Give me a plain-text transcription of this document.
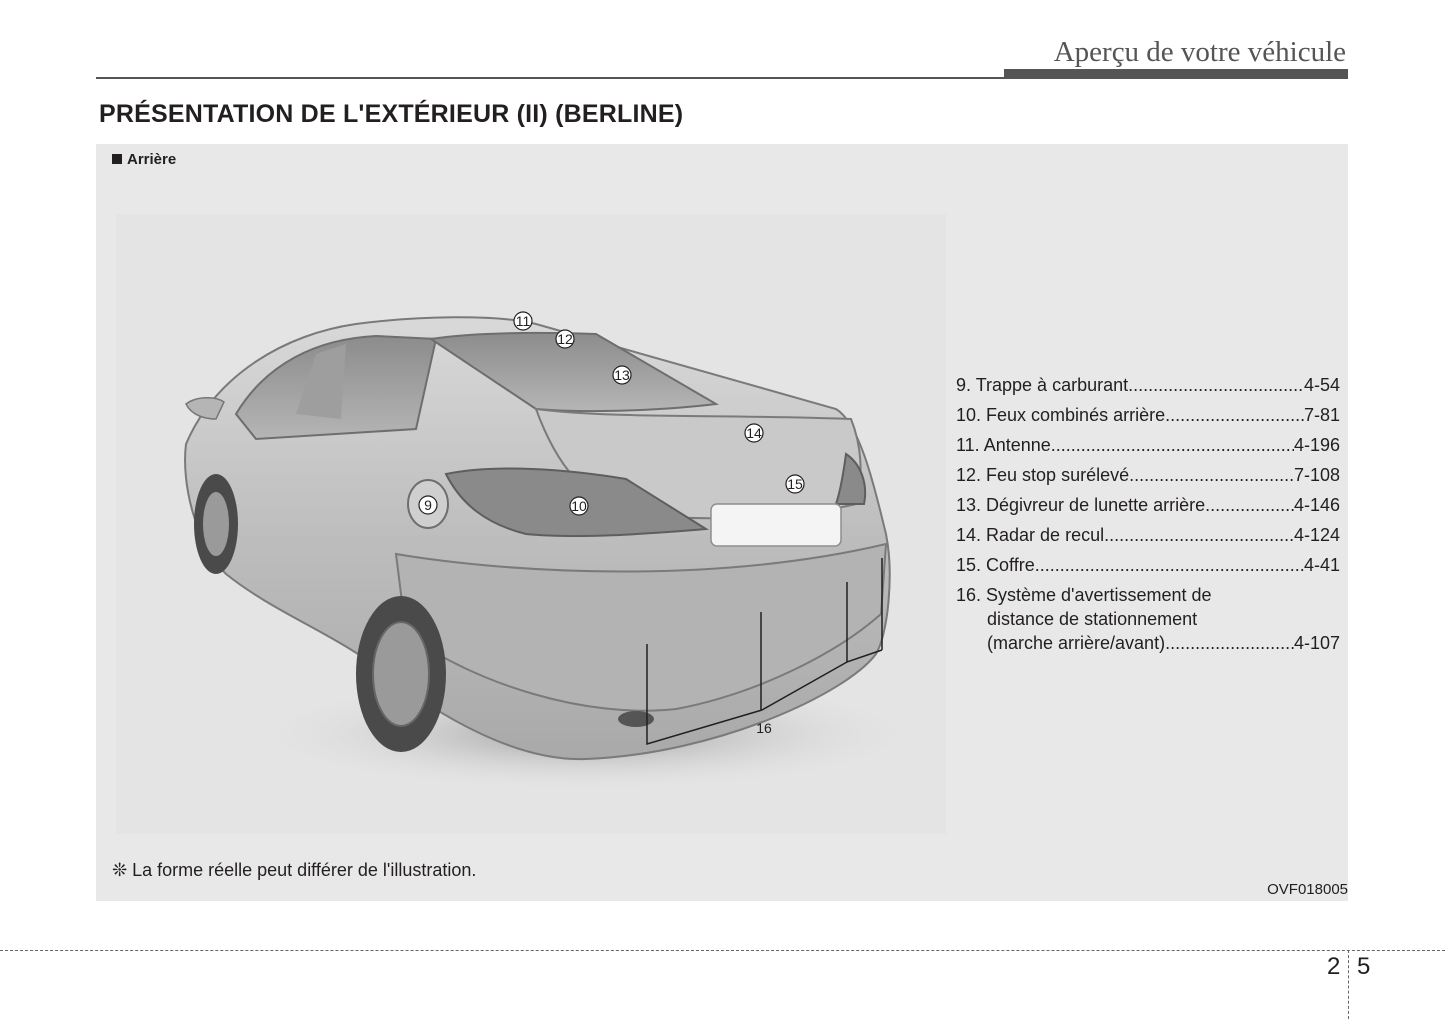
Aperçu de votre véhicule
PRÉSENTATION DE L'EXTÉRIEUR (II) (BERLINE)
Arrière
9	10
11
12
13
14
15
16
9. Trappe à carburant .....	4-54
10. Feux combinés arrière .....	7-81
11. Antenne .....	4-196
12. Feu stop surélevé .....	7-108
13. Dégivreur de lunette arrière .....	4-146
14. Radar de recul .....	4-124
15. Coffre .....	4-41
16. Système d'avertissement de
distance de stationnement
(marche arrière/avant) .....	4-107
❊ La forme réelle peut différer de l'illustration.
OVF018005
2 5
